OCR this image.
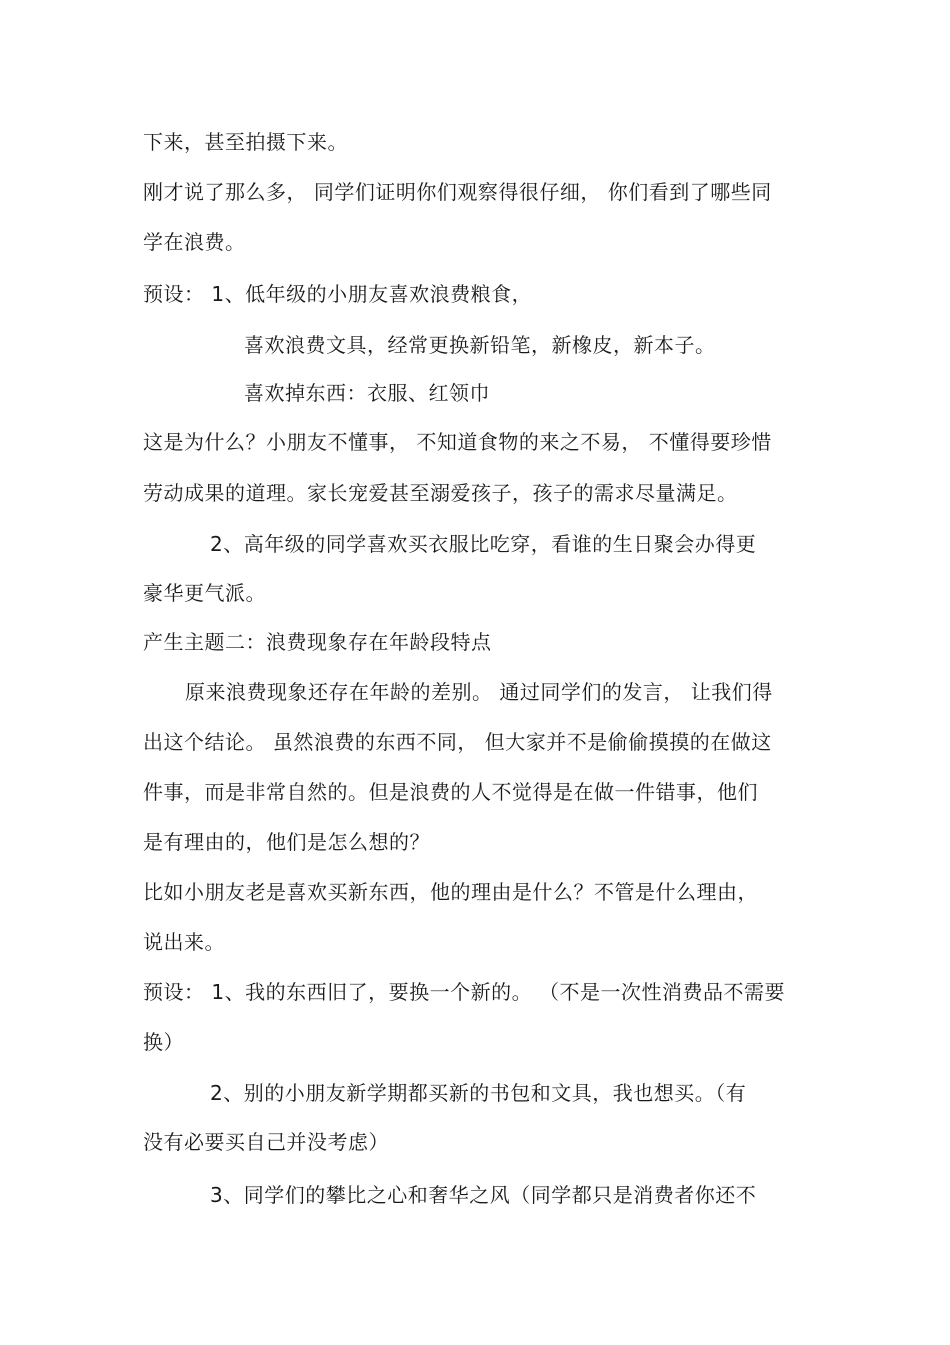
下来，甚至拍摄下来。
刚才说了那么多， 同学们证明你们观察得很仔细， 你们看到了哪些同
学在浪费。
预设： 1、低年级的小朋友喜欢浪费粮食，
喜欢浪费文具，经常更换新铅笔，新橡皮，新本子。
喜欢掉东西：衣服、红领巾
这是为什么？小朋友不懂事， 不知道食物的来之不易， 不懂得要珍惜
劳动成果的道理。家长宠爱甚至溺爱孩子，孩子的需求尽量满足。
2、高年级的同学喜欢买衣服比吃穿，看谁的生日聚会办得更
豪华更气派。
产生主题二：浪费现象存在年龄段特点
原来浪费现象还存在年龄的差别。 通过同学们的发言， 让我们得
出这个结论。 虽然浪费的东西不同， 但大家并不是偷偷摸摸的在做这
件事，而是非常自然的。但是浪费的人不觉得是在做一件错事，他们
是有理由的，他们是怎么想的？
比如小朋友老是喜欢买新东西，他的理由是什么？不管是什么理由，
说出来。
预设： 1、我的东西旧了，要换一个新的。 （不是一次性消费品不需要
换）
2、别的小朋友新学期都买新的书包和文具，我也想买。（有
没有必要买自己并没考虑）
3、同学们的攀比之心和奢华之风（同学都只是消费者你还不
